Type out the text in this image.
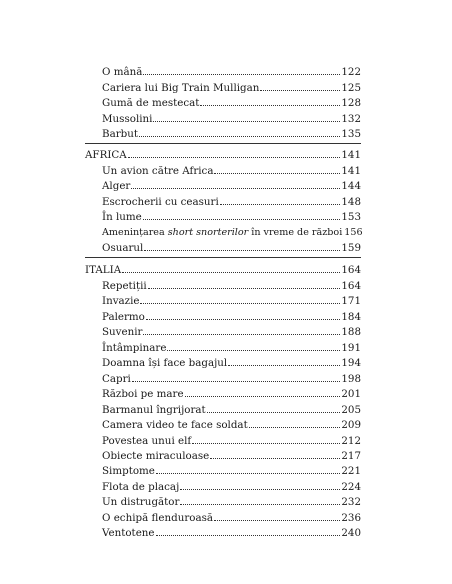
O mână	122
Cariera lui Big Train Mulligan	125
Gumă de mestecat	128
Mussolini	132
Barbut	135
AFRICA	141
Un avion către Africa	141
Alger	144
Escrocherii cu ceasuri	148
În lume	153
Amenințarea short snorterilor în vreme de război 156
Osuarul	159
ITALIA	164
Repetiții	164
Invazie	171
Palermo	184
Suvenir	188
Întâmpinare	191
Doamna își face bagajul	194
Capri	198
Război pe mare	201
Barmanul îngrijorat	205
Camera video te face soldat	209
Povestea unui elf	212
Obiecte miraculoase	217
Simptome	221
Flota de placaj	224
Un distrugător	232
O echipă flenduroasă	236
Ventotene	240
